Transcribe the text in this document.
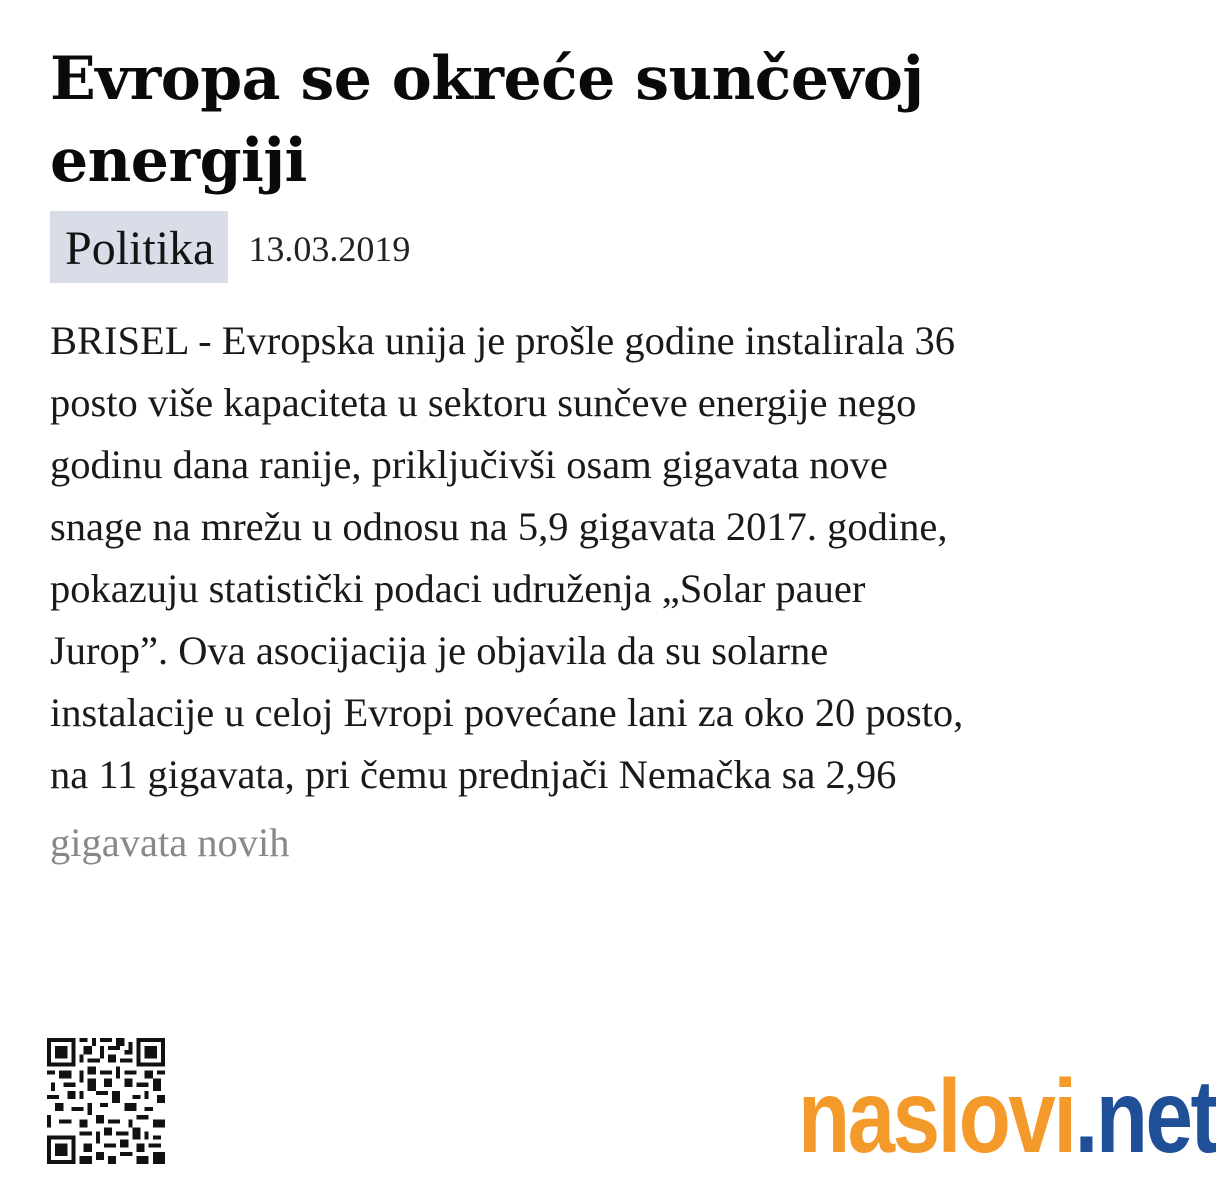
Evropa se okreće sunčevoj energiji
Politika 13.03.2019

BRISEL - Evropska unija je prošle godine instalirala 36
posto više kapaciteta u sektoru sunčeve energije nego
godinu dana ranije, priključivši osam gigavata nove
snage na mrežu u odnosu na 5,9 gigavata 2017. godine,
pokazuju statistički podaci udruženja „Solar pauer
Jurop”. Ova asocijacija je objavila da su solarne
instalacije u celoj Evropi povećane lani za oko 20 posto,
na 11 gigavata, pri čemu prednjači Nemačka sa 2,96

gigavata novih

naslovi.net
